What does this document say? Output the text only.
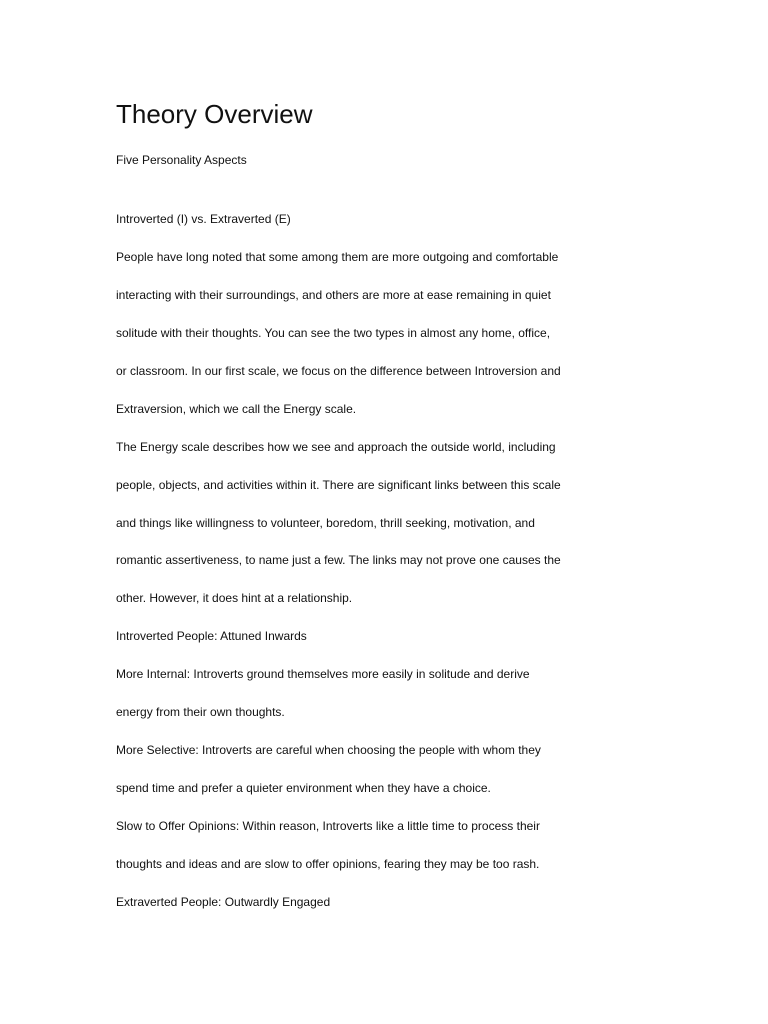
Theory Overview

Five Personality Aspects

Introverted (I) vs. Extraverted (E)
People have long noted that some among them are more outgoing and comfortable
interacting with their surroundings, and others are more at ease remaining in quiet
solitude with their thoughts. You can see the two types in almost any home, office,
or classroom. In our first scale, we focus on the difference between Introversion and
Extraversion, which we call the Energy scale.
The Energy scale describes how we see and approach the outside world, including
people, objects, and activities within it. There are significant links between this scale
and things like willingness to volunteer, boredom, thrill seeking, motivation, and
romantic assertiveness, to name just a few. The links may not prove one causes the
other. However, it does hint at a relationship.
Introverted People: Attuned Inwards
More Internal: Introverts ground themselves more easily in solitude and derive
energy from their own thoughts.
More Selective: Introverts are careful when choosing the people with whom they
spend time and prefer a quieter environment when they have a choice.
Slow to Offer Opinions: Within reason, Introverts like a little time to process their
thoughts and ideas and are slow to offer opinions, fearing they may be too rash.
Extraverted People: Outwardly Engaged
